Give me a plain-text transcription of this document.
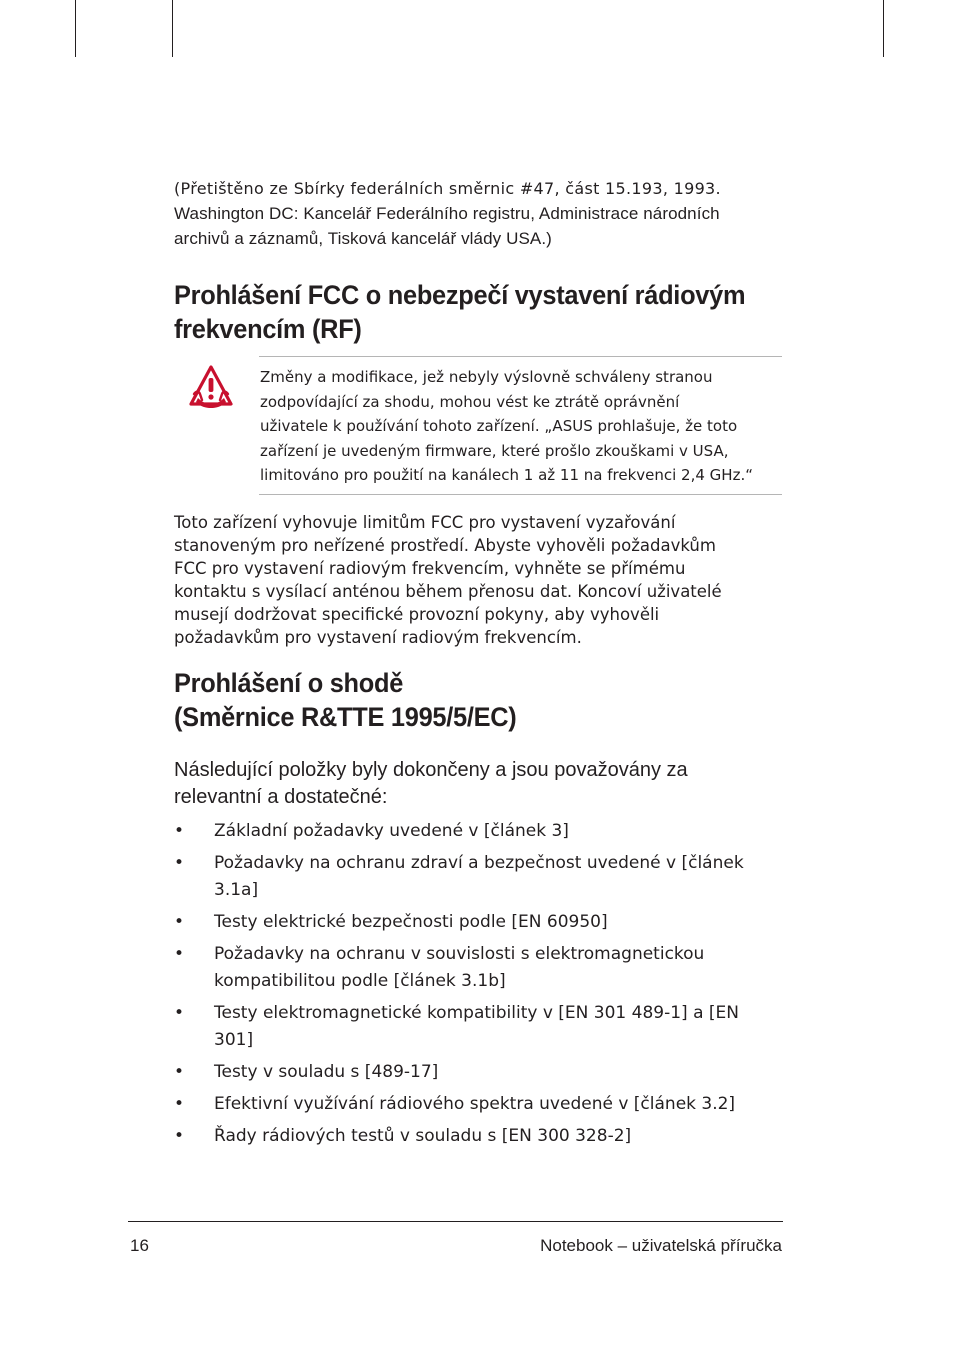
(Přetištěno ze Sbírky federálních směrnic #47, část 15.193, 1993.

Washington DC: Kancelář Federálního registru, Administrace národních

archivů a záznamů, Tisková kancelář vlády USA.)

Prohlášení FCC o nebezpečí vystavení rádiovým

frekvencím (RF)

Změny a modifikace, jež nebyly výslovně schváleny stranou
zodpovídající za shodu, mohou vést ke ztrátě oprávnění
uživatele k používání tohoto zařízení. „ASUS prohlašuje, že toto
zařízení je uvedeným firmware, které prošlo zkouškami v USA,
limitováno pro použití na kanálech 1 až 11 na frekvenci 2,4 GHz.“
Toto zařízení vyhovuje limitům FCC pro vystavení vyzařování
stanoveným pro neřízené prostředí. Abyste vyhověli požadavkům
FCC pro vystavení radiovým frekvencím, vyhněte se přímému
kontaktu s vysílací anténou během přenosu dat. Koncoví uživatelé
musejí dodržovat specifické provozní pokyny, aby vyhověli
požadavkům pro vystavení radiovým frekvencím.

Prohlášení o shodě

(Směrnice R&TTE 1995/5/EC)

Následující položky byly dokončeny a jsou považovány za
relevantní a dostatečné:
• Základní požadavky uvedené v [článek 3]
• Požadavky na ochranu zdraví a bezpečnost uvedené v [článek
3.1a]
• Testy elektrické bezpečnosti podle [EN 60950]
• Požadavky na ochranu v souvislosti s elektromagnetickou
kompatibilitou podle [článek 3.1b]
• Testy elektromagnetické kompatibility v [EN 301 489-1] a [EN
301]
• Testy v souladu s [489-17]
• Efektivní využívání rádiového spektra uvedené v [článek 3.2]
• Řady rádiových testů v souladu s [EN 300 328-2]
16	Notebook – uživatelská příručka
